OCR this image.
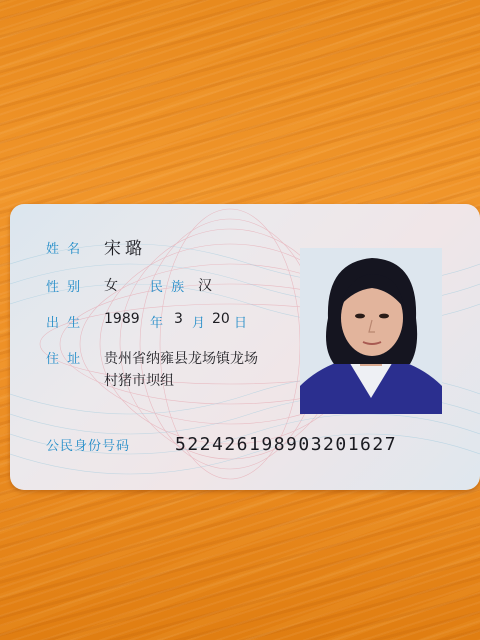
姓 名 宋璐
性 别 女 民 族 汉
出 生 1989 年 3 月 20 日
住 址 贵州省纳雍县龙场镇龙场
村猪市坝组
公民身份号码 522426198903201627
